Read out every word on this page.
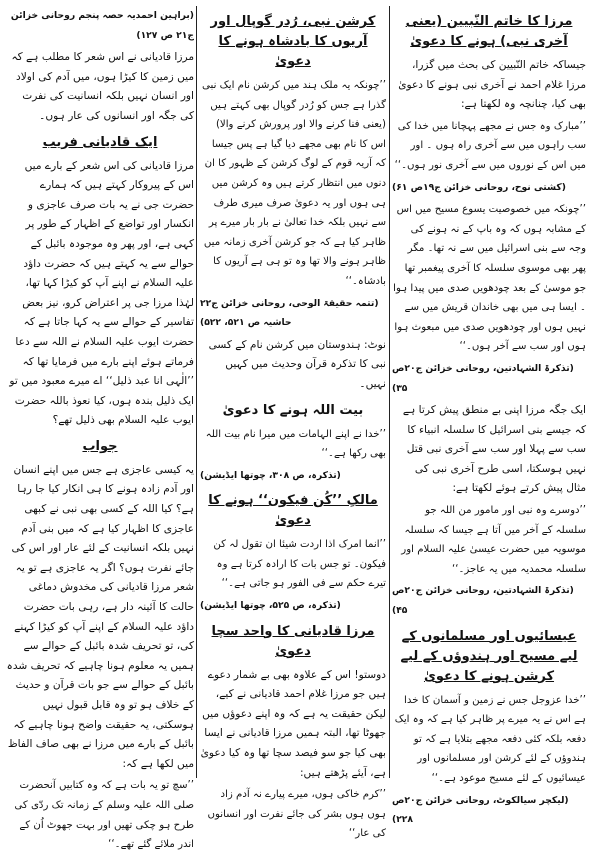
مرزا کا خاتم النّبیین (یعنی آخری نبی) ہونے کا دعویٰ

جیساکہ خاتم النّبیین کی بحث میں گزرا، مرزا غلام احمد نے آخری نبی ہونے کا دعویٰ بھی کیا، چنانچہ وہ لکھتا ہے:

’’مبارک وہ جس نے مجھے پہچانا میں خدا کی سب راہوں میں سے آخری راہ ہوں ۔ اور میں اس کے نوروں میں سے آخری نور ہوں۔‘‘

(کشتی نوح، روحانی خزائن ج۱۹ص ۶۱)

’’چونکہ میں خصوصیت یسوع مسیح میں اس کے مشابہ ہوں کہ وہ باپ کے نہ ہونے کی وجہ سے بنی اسرائیل میں سے نہ تھا۔ مگر پھر بھی موسوی سلسلہ کا آخری پیغمبر تھا جو موسیٰ کے بعد چودھویں صدی میں پیدا ہوا ۔ ایسا ہی میں بھی خاندان قریش میں سے نہیں ہوں اور چودھویں صدی میں مبعوث ہوا ہوں اور سب سے آخر ہوں۔‘‘

(تذکرۃ الشہادتین، روحانی خزائن ج۲۰ص ۳۵)

ایک جگہ مرزا اپنی بے منطق پیش کرتا ہے کہ جیسے بنی اسرائیل کا سلسلہ انبیاء کا سب سے پہلا اور سب سے آخری نبی قتل نہیں ہوسکتا، اسی طرح آخری نبی کی مثال پیش کرتے ہوئے لکھتا ہے:

’’دوسرے وہ نبی اور مامور من اللہ جو سلسلہ کے آخر میں آتا ہے جیسا کہ سلسلہ موسویہ میں حضرت عیسیٰ علیہ السلام اور سلسلہ محمدیہ میں یہ عاجز۔‘‘

(تذکرۃ الشہادتین، روحانی خزائن ج۲۰ص ۴۵)
عیسائیوں اور مسلمانوں کے لیے مسیح اور ہندوؤں کے لیے کرشن ہونے کا دعویٰ

’’خدا عزوجل جس نے زمین و آسمان کا خدا ہے اس نے یہ میرے پر ظاہر کیا ہے کہ وہ ایک دفعہ بلکہ کئی دفعہ مجھے بتلایا ہے کہ تو ہندوؤں کے لئے کرشن اور مسلمانوں اور عیسائیوں کے لئے مسیح موعود ہے۔‘‘

(لیکچر سیالکوٹ، روحانی خزائن ج۲۰ص ۲۲۸)
کرشن نبی، رُدر گوپال اور آریوں کا بادشاہ ہونے کا دعویٰ

’’چونکہ یہ ملک ہند میں کرشن نام ایک نبی گذرا ہے جس کو رُدر گوپال بھی کہتے ہیں (یعنی فنا کرنے والا اور پرورش کرنے والا) اس کا نام بھی مجھے دیا گیا ہے پس جیسا کہ آریہ قوم کے لوگ کرشن کے ظہور کا ان دنوں میں انتظار کرتے ہیں وہ کرشن میں ہی ہوں اور یہ دعویٰ صرف میری طرف سے نہیں بلکہ خدا تعالیٰ نے بار بار میرے پر ظاہر کیا ہے کہ جو کرشن آخری زمانہ میں ظاہر ہونے والا تھا وہ تو ہی ہے آریوں کا بادشاہ۔‘‘

(تتمہ حقیقۃ الوحی، روحانی خزائن ج۲۲ حاشیہ ص ۵۲۱، ۵۲۲)

نوٹ: ہندوستان میں کرشن نام کے کسی نبی کا تذکرہ قرآن وحدیث میں کہیں نہیں۔

بیت اللہ ہونے کا دعویٰ

’’خدا نے اپنے الہامات میں میرا نام بیت اللہ بھی رکھا ہے۔‘‘

(تذکرہ، ص ۳۰۸، چوتھا ایڈیشن)
مالکِ ’’کُن فیکون‘‘ ہونے کا دعویٰ

’’انما امرک اذا اردت شیئا ان تقول لہ کن فیکون۔ تو جس بات کا ارادہ کرتا ہے وہ تیرے حکم سے فی الفور ہو جاتی ہے۔‘‘

(تذکرہ، ص ۵۲۵، چوتھا ایڈیشن)
مرزا قادیانی کا واحد سچا دعویٰ

دوستو! اس کے علاوہ بھی بے شمار دعوے ہیں جو مرزا غلام احمد قادیانی نے کیے، لیکن حقیقت یہ ہے کہ وہ اپنے دعوؤں میں جھوٹا تھا، البتہ ہمیں مرزا قادیانی نے ایسا بھی کیا جو سو فیصد سچا تھا وہ کیا دعویٰ ہے، آیئے پڑھتے ہیں:

’’کرم خاکی ہوں، میرے پیارے نہ آدم زاد ہوں ہوں بشر کی جائے نفرت اور انسانوں کی عار‘‘

(براہین احمدیہ حصہ پنجم روحانی خزائن ج۲۱ ص ۱۲۷)

مرزا قادیانی نے اس شعر کا مطلب ہے کہ میں زمین کا کیڑا ہوں، میں آدم کی اولاد اور انسان نہیں بلکہ انسانیت کی نفرت کی جگہ اور انسانوں کی عار ہوں۔

ایک قادیانی فریب

مرزا قادیانی کی اس شعر کے بارے میں اس کے پیروکار کہتے ہیں کہ ہمارے حضرت جی نے یہ بات صرف عاجزی و انکسار اور تواضع کے اظہار کے طور پر کہی ہے، اور پھر وہ موجودہ بائبل کے حوالے سے یہ کہتے ہیں کہ حضرت داؤد علیہ السلام نے اپنے آپ کو کیڑا کہا تھا، لہٰذا مرزا جی پر اعتراض کرو، نیز بعض تفاسیر کے حوالے سے یہ کہا جاتا ہے کہ حضرت ایوب علیہ السلام نے اللہ سے دعا فرماتے ہوئے اپنے بارے میں فرمایا تھا کہ ’’الٰہی انا عبد ذلیل‘‘ اے میرے معبود میں تو ایک ذلیل بندہ ہوں، کیا نعوذ باللہ حضرت ایوب علیہ السلام بھی ذلیل تھے؟

جواب

یہ کیسی عاجزی ہے جس میں اپنے انسان اور آدم زادہ ہونے کا ہی انکار کیا جا رہا ہے؟ کیا اللہ کے کسی بھی نبی نے کبھی عاجزی کا اظہار کیا ہے کہ میں بنی آدم نہیں بلکہ انسانیت کے لئے عار اور اس کی جائے نفرت ہوں؟ اگر یہ عاجزی ہے تو یہ شعر مرزا قادیانی کی مخدوش دماغی حالت کا آئینہ دار ہے، رہی بات حضرت داؤد علیہ السلام کے اپنے آپ کو کیڑا کہنے کی، تو تحریف شدہ بائبل کے حوالے سے ہمیں یہ معلوم ہونا چاہیے کہ تحریف شدہ بائبل کے حوالے سے جو بات قرآن و حدیث کے خلاف ہو تو وہ قابل قبول نہیں ہوسکتی، یہ حقیقت واضح ہونا چاہیے کہ بائبل کے بارے میں مرزا نے بھی صاف الفاظ میں لکھا ہے کہ:

’’سچ تو یہ بات ہے کہ وہ کتابیں آنحضرت صلی اللہ علیہ وسلم کے زمانہ تک ردّی کی طرح ہو چکی تھیں اور بہت جھوٹ اُن کے اندر ملائے گئے تھے۔‘‘
